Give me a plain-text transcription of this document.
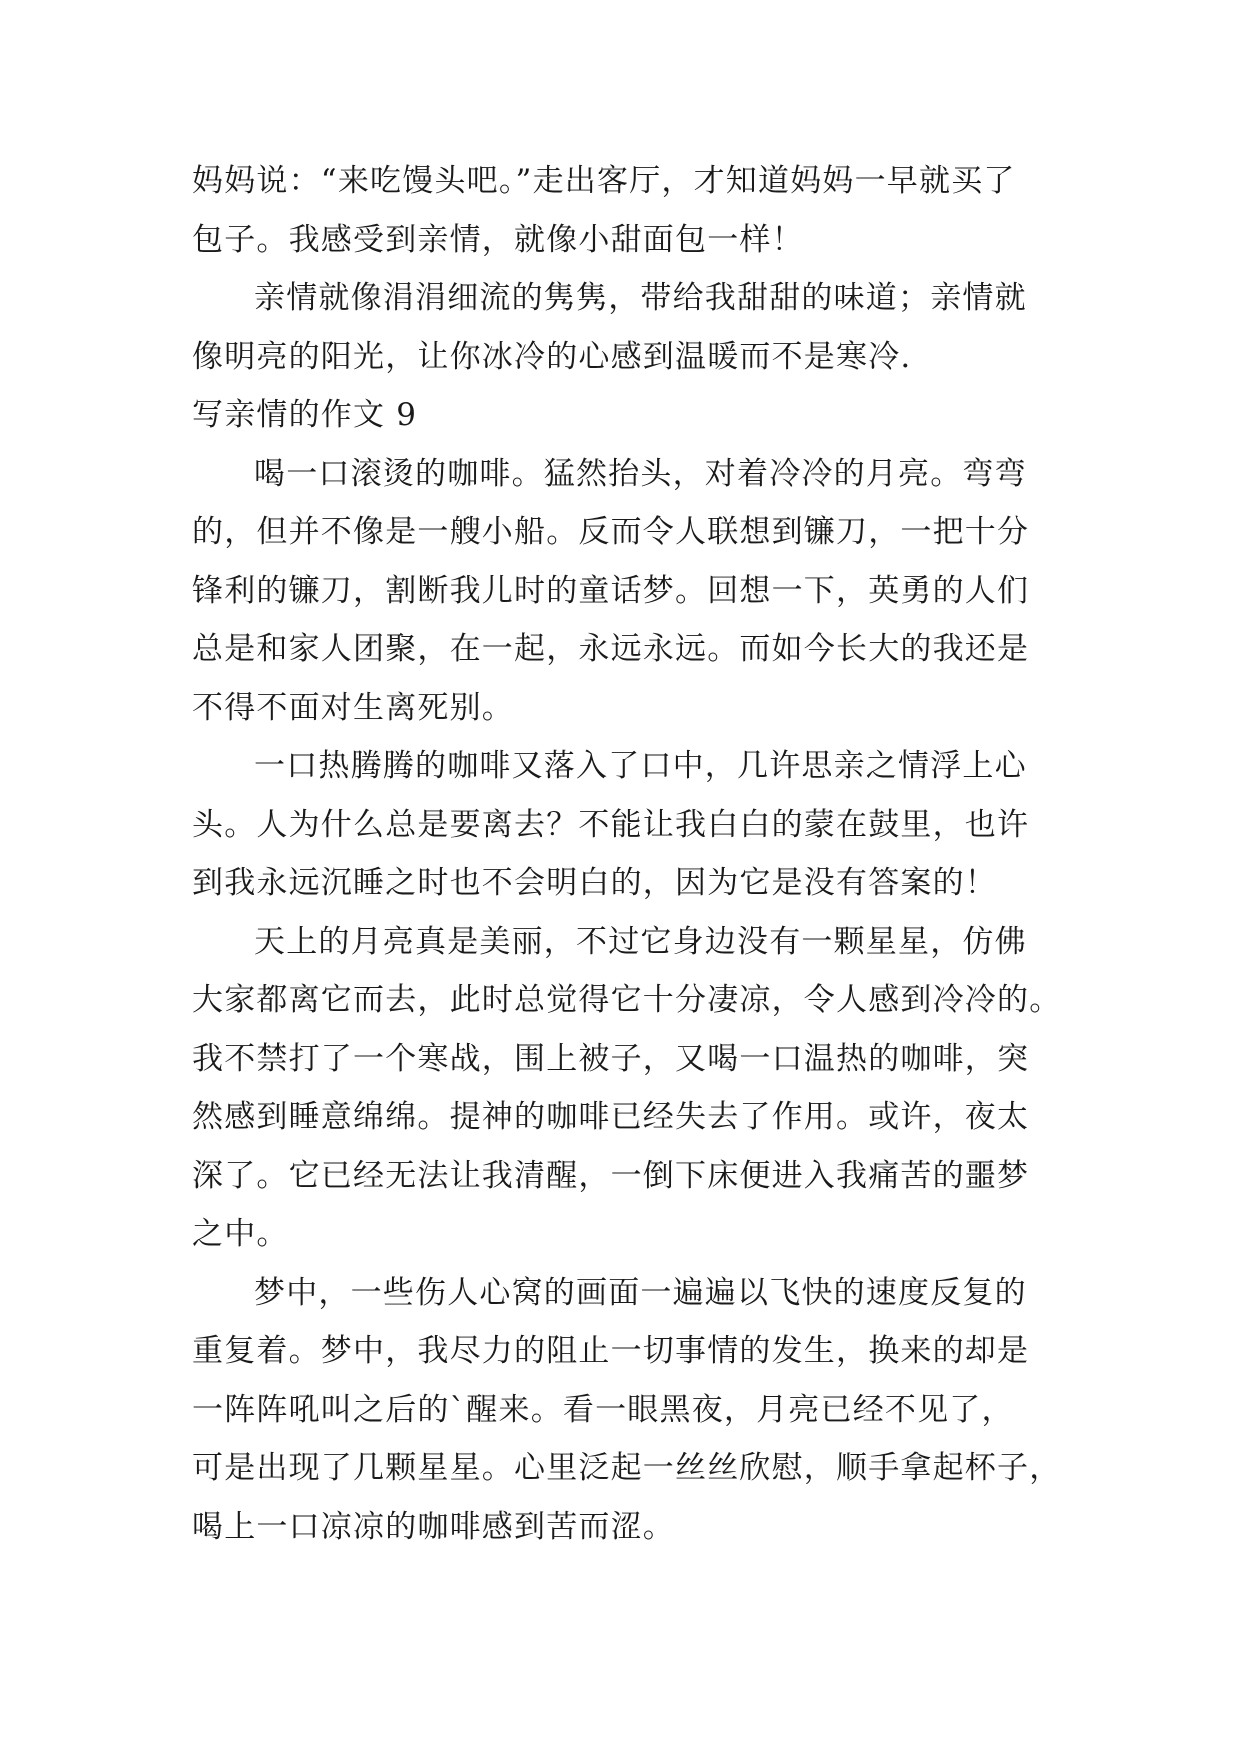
妈妈说：“来吃馒头吧。”走出客厅，才知道妈妈一早就买了
包子。我感受到亲情，就像小甜面包一样！
亲情就像涓涓细流的隽隽，带给我甜甜的味道；亲情就
像明亮的阳光，让你冰冷的心感到温暖而不是寒冷.
写亲情的作文 9
喝一口滚烫的咖啡。猛然抬头，对着冷冷的月亮。弯弯
的，但并不像是一艘小船。反而令人联想到镰刀，一把十分
锋利的镰刀，割断我儿时的童话梦。回想一下，英勇的人们
总是和家人团聚，在一起，永远永远。而如今长大的我还是
不得不面对生离死别。
一口热腾腾的咖啡又落入了口中，几许思亲之情浮上心
头。人为什么总是要离去？不能让我白白的蒙在鼓里，也许
到我永远沉睡之时也不会明白的，因为它是没有答案的！
天上的月亮真是美丽，不过它身边没有一颗星星，仿佛
大家都离它而去，此时总觉得它十分凄凉，令人感到冷冷的。
我不禁打了一个寒战，围上被子，又喝一口温热的咖啡，突
然感到睡意绵绵。提神的咖啡已经失去了作用。或许，夜太
深了。它已经无法让我清醒，一倒下床便进入我痛苦的噩梦
之中。
梦中，一些伤人心窝的画面一遍遍以飞快的速度反复的
重复着。梦中，我尽力的阻止一切事情的发生，换来的却是
一阵阵吼叫之后的`醒来。看一眼黑夜，月亮已经不见了，
可是出现了几颗星星。心里泛起一丝丝欣慰，顺手拿起杯子，
喝上一口凉凉的咖啡感到苦而涩。
